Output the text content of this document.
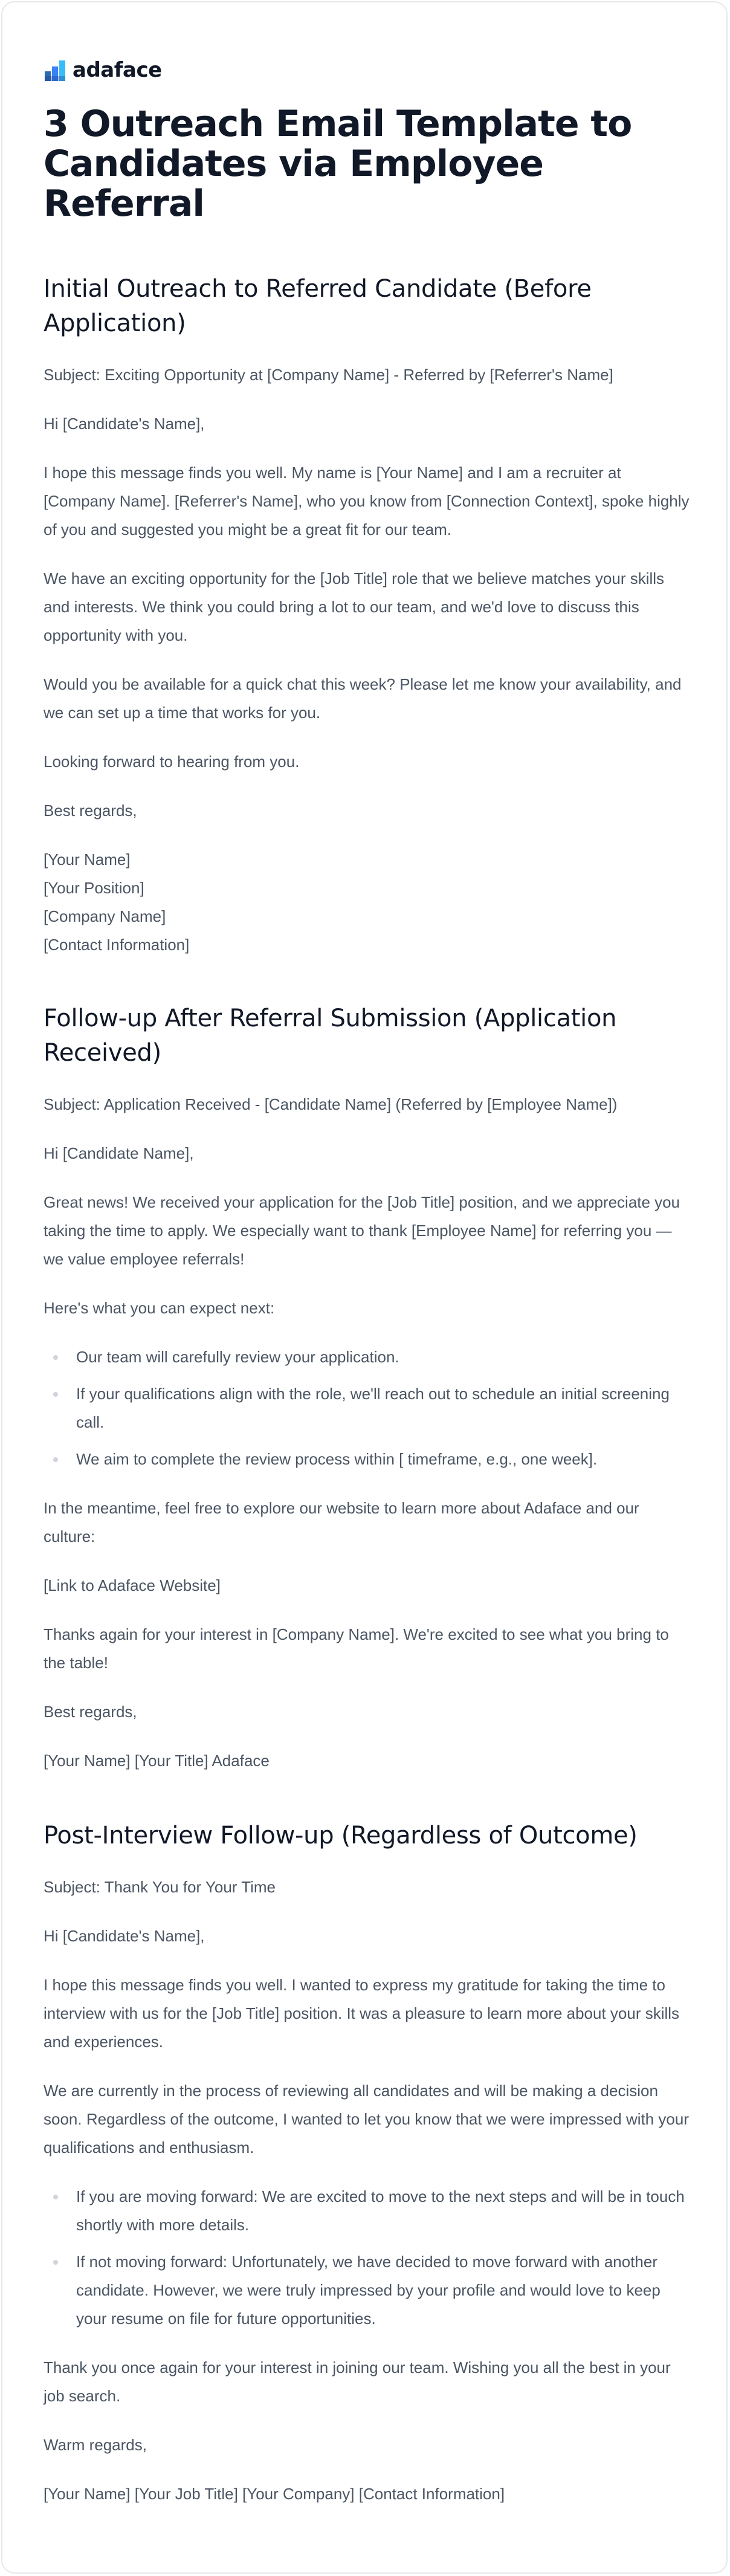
adaface
3 Outreach Email Template to Candidates via Employee Referral
Initial Outreach to Referred Candidate (Before Application)

Subject: Exciting Opportunity at [Company Name] - Referred by [Referrer's Name]

Hi [Candidate's Name],

I hope this message finds you well. My name is [Your Name] and I am a recruiter at [Company Name]. [Referrer's Name], who you know from [Connection Context], spoke highly of you and suggested you might be a great fit for our team.

We have an exciting opportunity for the [Job Title] role that we believe matches your skills and interests. We think you could bring a lot to our team, and we'd love to discuss this opportunity with you.

Would you be available for a quick chat this week? Please let me know your availability, and we can set up a time that works for you.

Looking forward to hearing from you.

Best regards,

[Your Name]

[Your Position]

[Company Name]

[Contact Information]

Follow-up After Referral Submission (Application Received)

Subject: Application Received - [Candidate Name] (Referred by [Employee Name])

Hi [Candidate Name],

Great news! We received your application for the [Job Title] position, and we appreciate you taking the time to apply. We especially want to thank [Employee Name] for referring you — we value employee referrals!

Here's what you can expect next:

Our team will carefully review your application.
If your qualifications align with the role, we'll reach out to schedule an initial screening call.
We aim to complete the review process within [ timeframe, e.g., one week].

In the meantime, feel free to explore our website to learn more about Adaface and our culture:

[Link to Adaface Website]

Thanks again for your interest in [Company Name]. We're excited to see what you bring to the table!

Best regards,

[Your Name] [Your Title] Adaface

Post-Interview Follow-up (Regardless of Outcome)

Subject: Thank You for Your Time

Hi [Candidate's Name],

I hope this message finds you well. I wanted to express my gratitude for taking the time to interview with us for the [Job Title] position. It was a pleasure to learn more about your skills and experiences.

We are currently in the process of reviewing all candidates and will be making a decision soon. Regardless of the outcome, I wanted to let you know that we were impressed with your qualifications and enthusiasm.

If you are moving forward: We are excited to move to the next steps and will be in touch shortly with more details.
If not moving forward: Unfortunately, we have decided to move forward with another candidate. However, we were truly impressed by your profile and would love to keep your resume on file for future opportunities.

Thank you once again for your interest in joining our team. Wishing you all the best in your job search.

Warm regards,

[Your Name] [Your Job Title] [Your Company] [Contact Information]
